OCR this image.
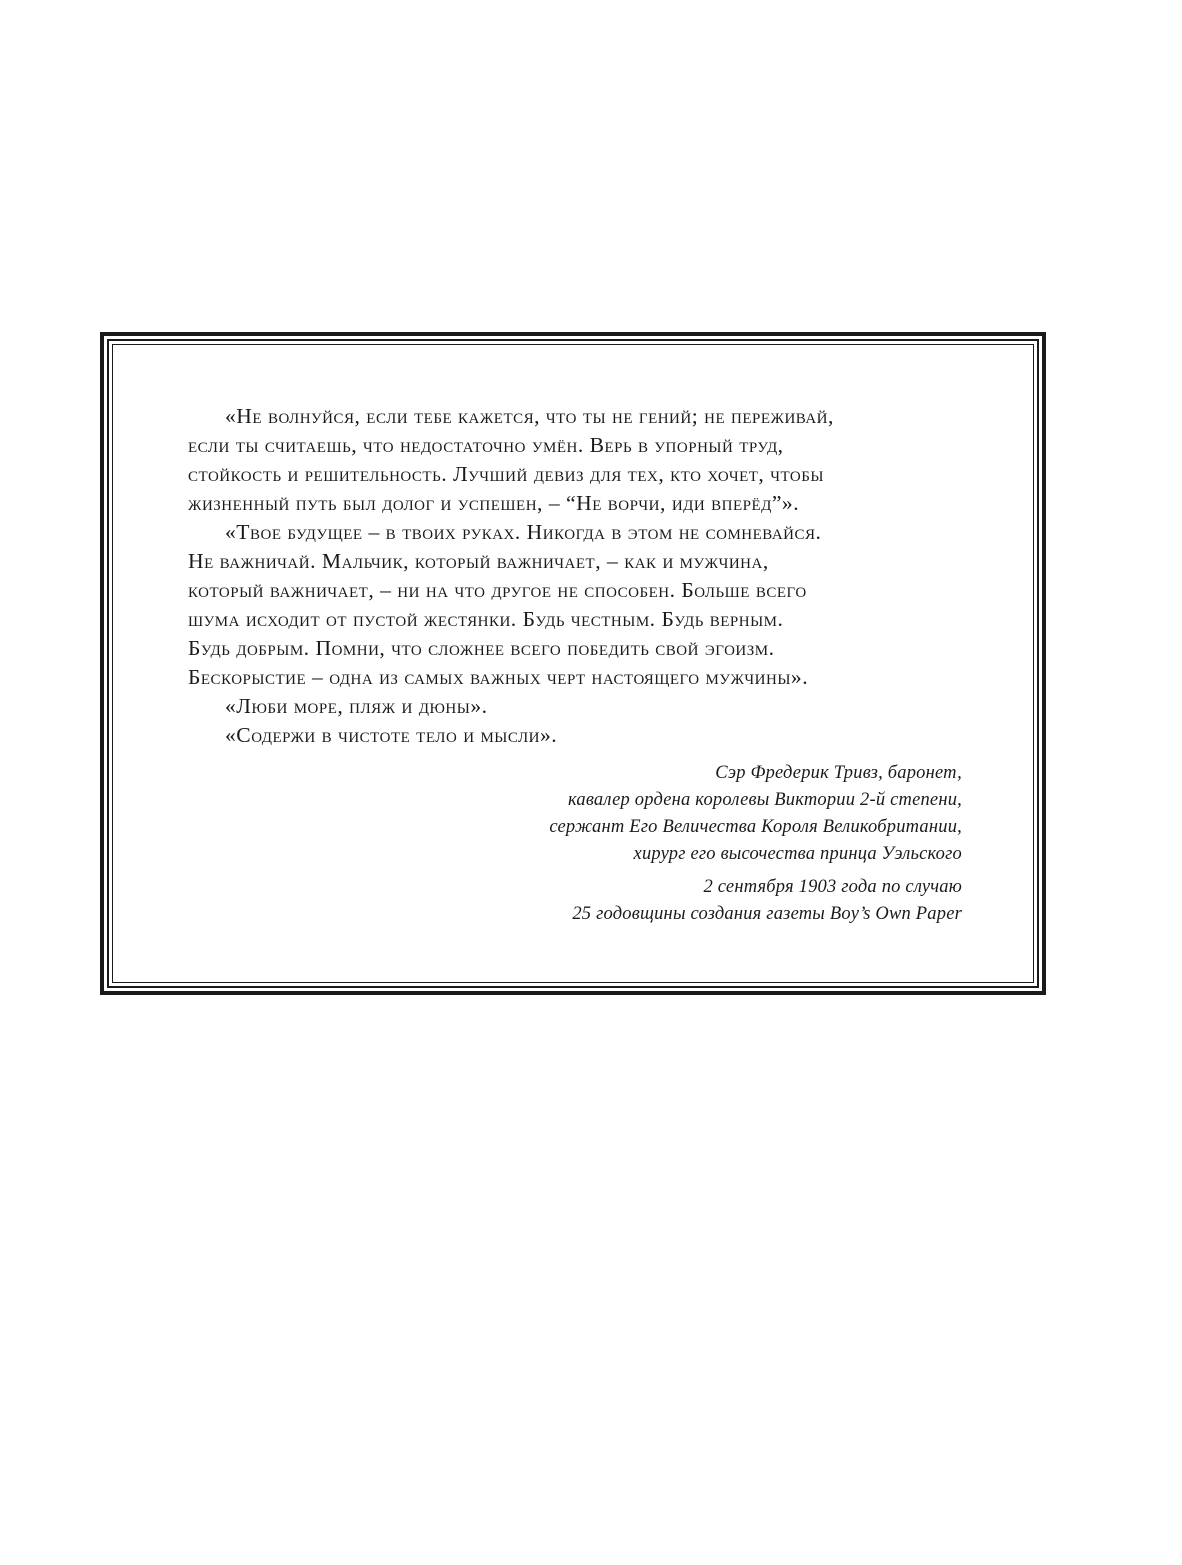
«Не волнуйся, если тебе кажется, что ты не гений; не переживай,
если ты считаешь, что недостаточно умён. Верь в упорный труд,
стойкость и решительность. Лучший девиз для тех, кто хочет, чтобы
жизненный путь был долог и успешен, – “Не ворчи, иди вперёд”».

«Твое будущее – в твоих руках. Никогда в этом не сомневайся.
Не важничай. Мальчик, который важничает, – как и мужчина,
который важничает, – ни на что другое не способен. Больше всего
шума исходит от пустой жестянки. Будь честным. Будь верным.
Будь добрым. Помни, что сложнее всего победить свой эгоизм.
Бескорыстие – одна из самых важных черт настоящего мужчины».

«Люби море, пляж и дюны».

«Содержи в чистоте тело и мысли».

Сэр Фредерик Тривз, баронет,
кавалер ордена королевы Виктории 2-й степени,
сержант Его Величества Короля Великобритании,
хирург его высочества принца Уэльского
2 сентября 1903 года по случаю
25 годовщины создания газеты Boy’s Own Paper
